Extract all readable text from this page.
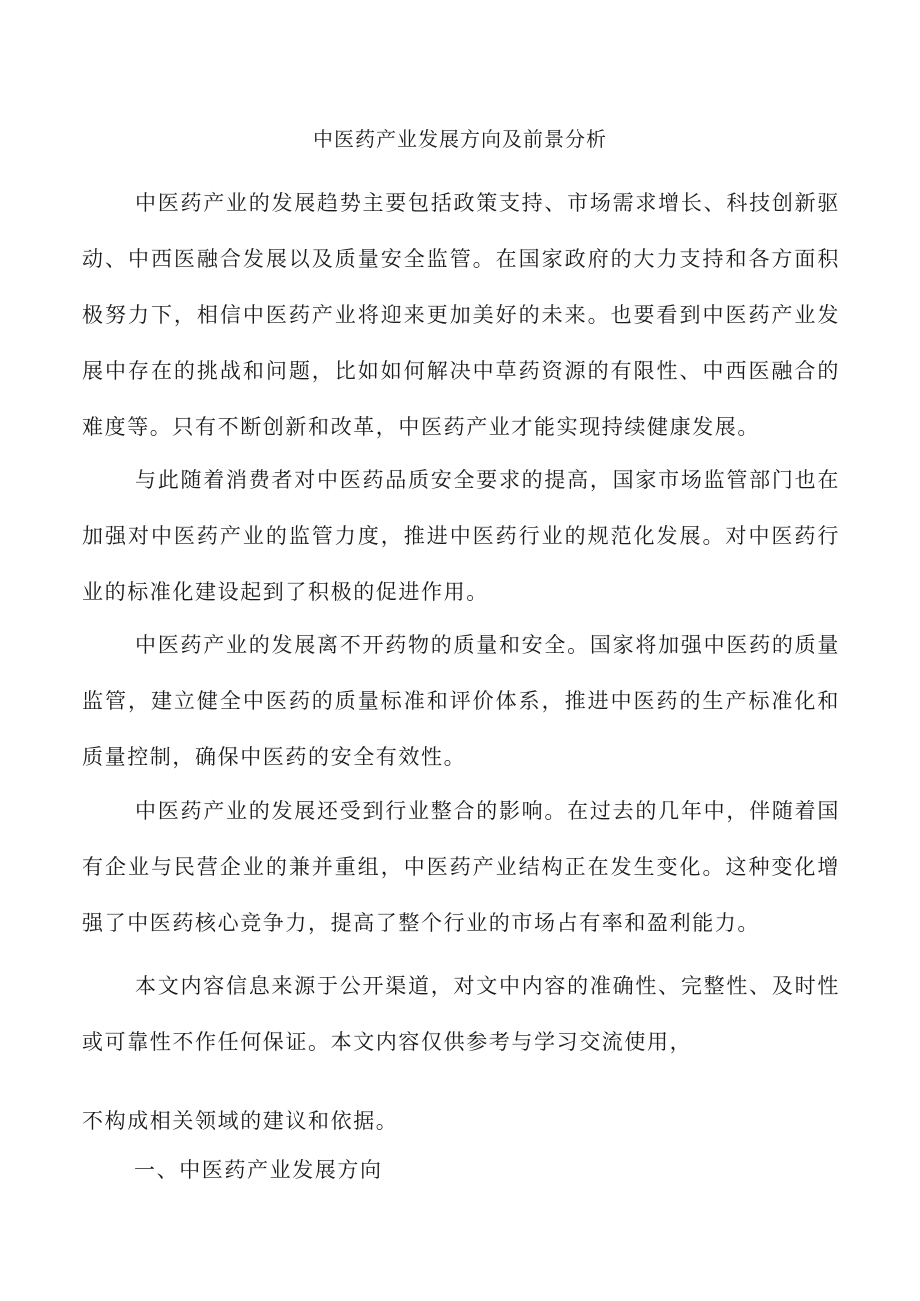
中医药产业发展方向及前景分析

中医药产业的发展趋势主要包括政策支持、市场需求增长、科技创新驱动、中西医融合发展以及质量安全监管。在国家政府的大力支持和各方面积极努力下，相信中医药产业将迎来更加美好的未来。也要看到中医药产业发展中存在的挑战和问题，比如如何解决中草药资源的有限性、中西医融合的难度等。只有不断创新和改革，中医药产业才能实现持续健康发展。

与此随着消费者对中医药品质安全要求的提高，国家市场监管部门也在加强对中医药产业的监管力度，推进中医药行业的规范化发展。对中医药行业的标准化建设起到了积极的促进作用。

中医药产业的发展离不开药物的质量和安全。国家将加强中医药的质量监管，建立健全中医药的质量标准和评价体系，推进中医药的生产标准化和质量控制，确保中医药的安全有效性。

中医药产业的发展还受到行业整合的影响。在过去的几年中，伴随着国有企业与民营企业的兼并重组，中医药产业结构正在发生变化。这种变化增强了中医药核心竞争力，提高了整个行业的市场占有率和盈利能力。

本文内容信息来源于公开渠道，对文中内容的准确性、完整性、及时性或可靠性不作任何保证。本文内容仅供参考与学习交流使用，

不构成相关领域的建议和依据。
一、中医药产业发展方向
